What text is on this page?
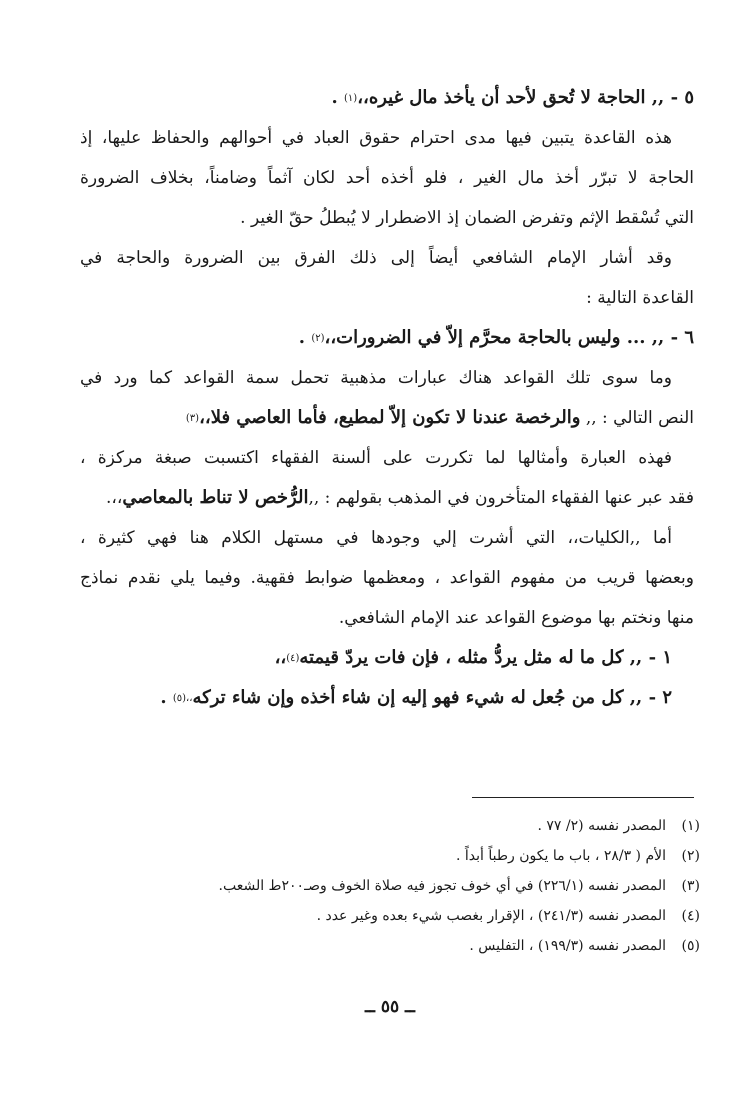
٥ - ,, الحاجة لا تُحق لأحد أن يأخذ مال غيره،،$^{(١)}$ .
هذه القاعدة يتبين فيها مدى احترام حقوق العباد في أحوالهم والحفاظ عليها، إذ
الحاجة لا تبرّر أخذ مال الغير ، فلو أخذه أحد لكان آثماً وضامناً، بخلاف الضرورة
التي تُسْقط الإثم وتفرض الضمان إذ الاضطرار لا يُبطلُ حقّ الغير .
وقد أشار الإمام الشافعي أيضاً إلى ذلك الفرق بين الضرورة والحاجة في
القاعدة التالية :
٦ - ,, ... وليس بالحاجة محرَّم إلاّ في الضرورات،،$^{(٢)}$ .
وما سوى تلك القواعد هناك عبارات مذهبية تحمل سمة القواعد كما ورد في
النص التالي : ,, والرخصة عندنا لا تكون إلاّ لمطيع، فأما العاصي فلا،،$^{(٣)}$
فهذه العبارة وأمثالها لما تكررت على ألسنة الفقهاء اكتسبت صبغة مركزة ،
فقد عبر عنها الفقهاء المتأخرون في المذهب بقولهم : ,,الرُّخص لا تناط بالمعاصي،،.
أما ,,الكليات،، التي أشرت إلي وجودها في مستهل الكلام هنا فهي كثيرة ،
وبعضها قريب من مفهوم القواعد ، ومعظمها ضوابط فقهية. وفيما يلي نقدم نماذج
منها ونختم بها موضوع القواعد عند الإمام الشافعي.
١ - ,, كل ما له مثل يردُّ مثله ، فإن فات يردّ قيمته$^{(٤)}$،،
٢ - ,, كل من جُعل له شيء فهو إليه إن شاء أخذه وإن شاء تركه$^{،،(٥)}$ .
(١)المصدر نفسه (٢/ ٧٧ .
(٢)الأم ( ٢٨/٣ ، باب ما يكون رطباً أبداً .
(٣)المصدر نفسه (٢٢٦/١) في أي خوف تجوز فيه صلاة الخوف وصـ٢٠٠ط الشعب.
(٤)المصدر نفسه (٢٤١/٣) ، الإقرار بغصب شيء بعده وغير عدد .
(٥)المصدر نفسه (١٩٩/٣) ، التفليس .
ــ ٥٥ ــ
